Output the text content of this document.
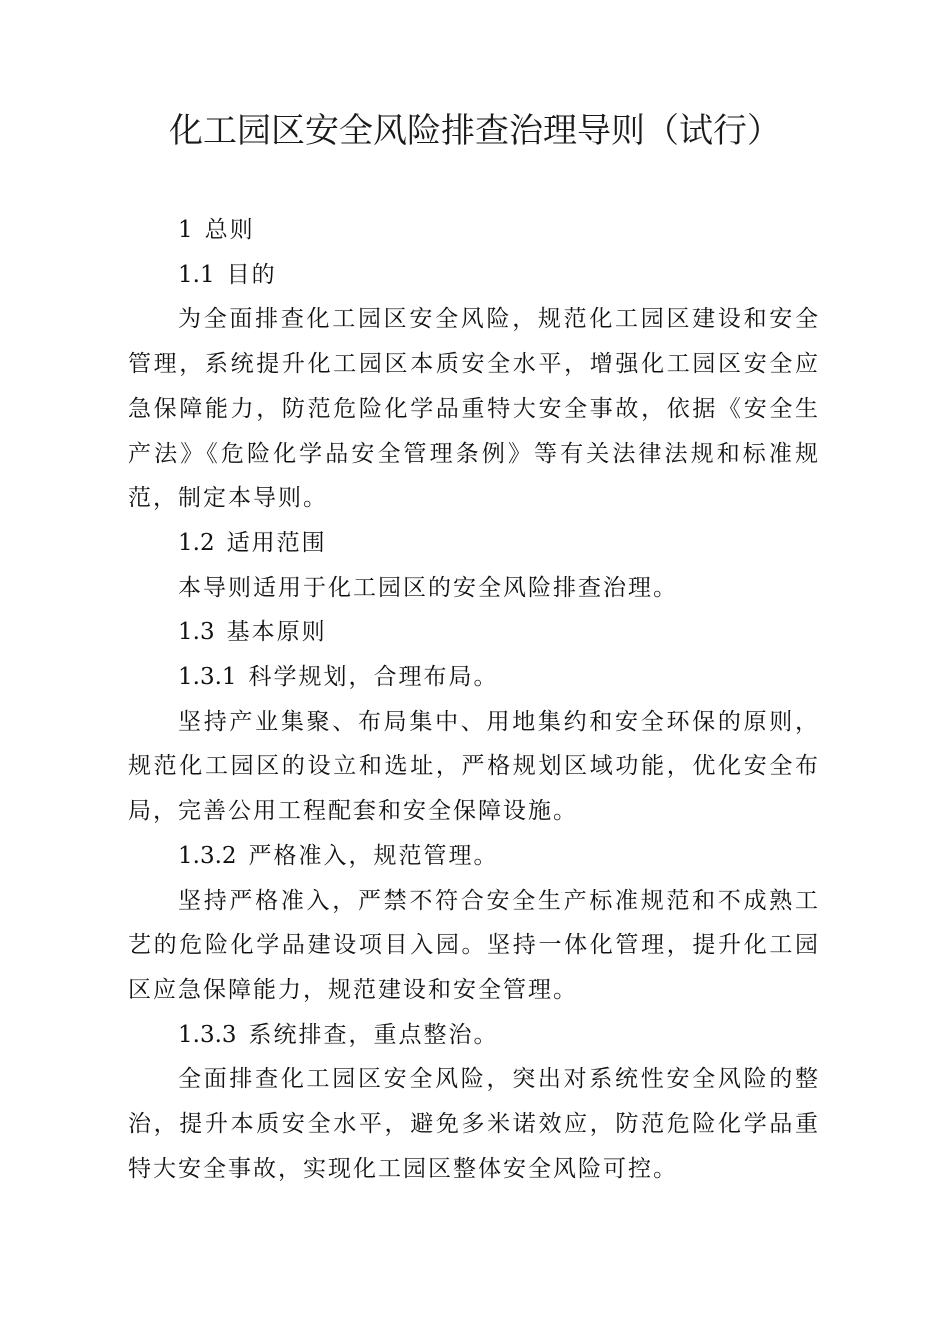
化工园区安全风险排查治理导则（试行）

1 总则

1.1 目的

为全面排查化工园区安全风险，规范化工园区建设和安全管理，系统提升化工园区本质安全水平，增强化工园区安全应急保障能力，防范危险化学品重特大安全事故，依据《安全生产法》《危险化学品安全管理条例》等有关法律法规和标准规范，制定本导则。

1.2 适用范围

本导则适用于化工园区的安全风险排查治理。

1.3 基本原则

1.3.1 科学规划，合理布局。

坚持产业集聚、布局集中、用地集约和安全环保的原则，规范化工园区的设立和选址，严格规划区域功能，优化安全布局，完善公用工程配套和安全保障设施。

1.3.2 严格准入，规范管理。

坚持严格准入，严禁不符合安全生产标准规范和不成熟工艺的危险化学品建设项目入园。坚持一体化管理，提升化工园区应急保障能力，规范建设和安全管理。

1.3.3 系统排查，重点整治。

全面排查化工园区安全风险，突出对系统性安全风险的整治，提升本质安全水平，避免多米诺效应，防范危险化学品重特大安全事故，实现化工园区整体安全风险可控。
